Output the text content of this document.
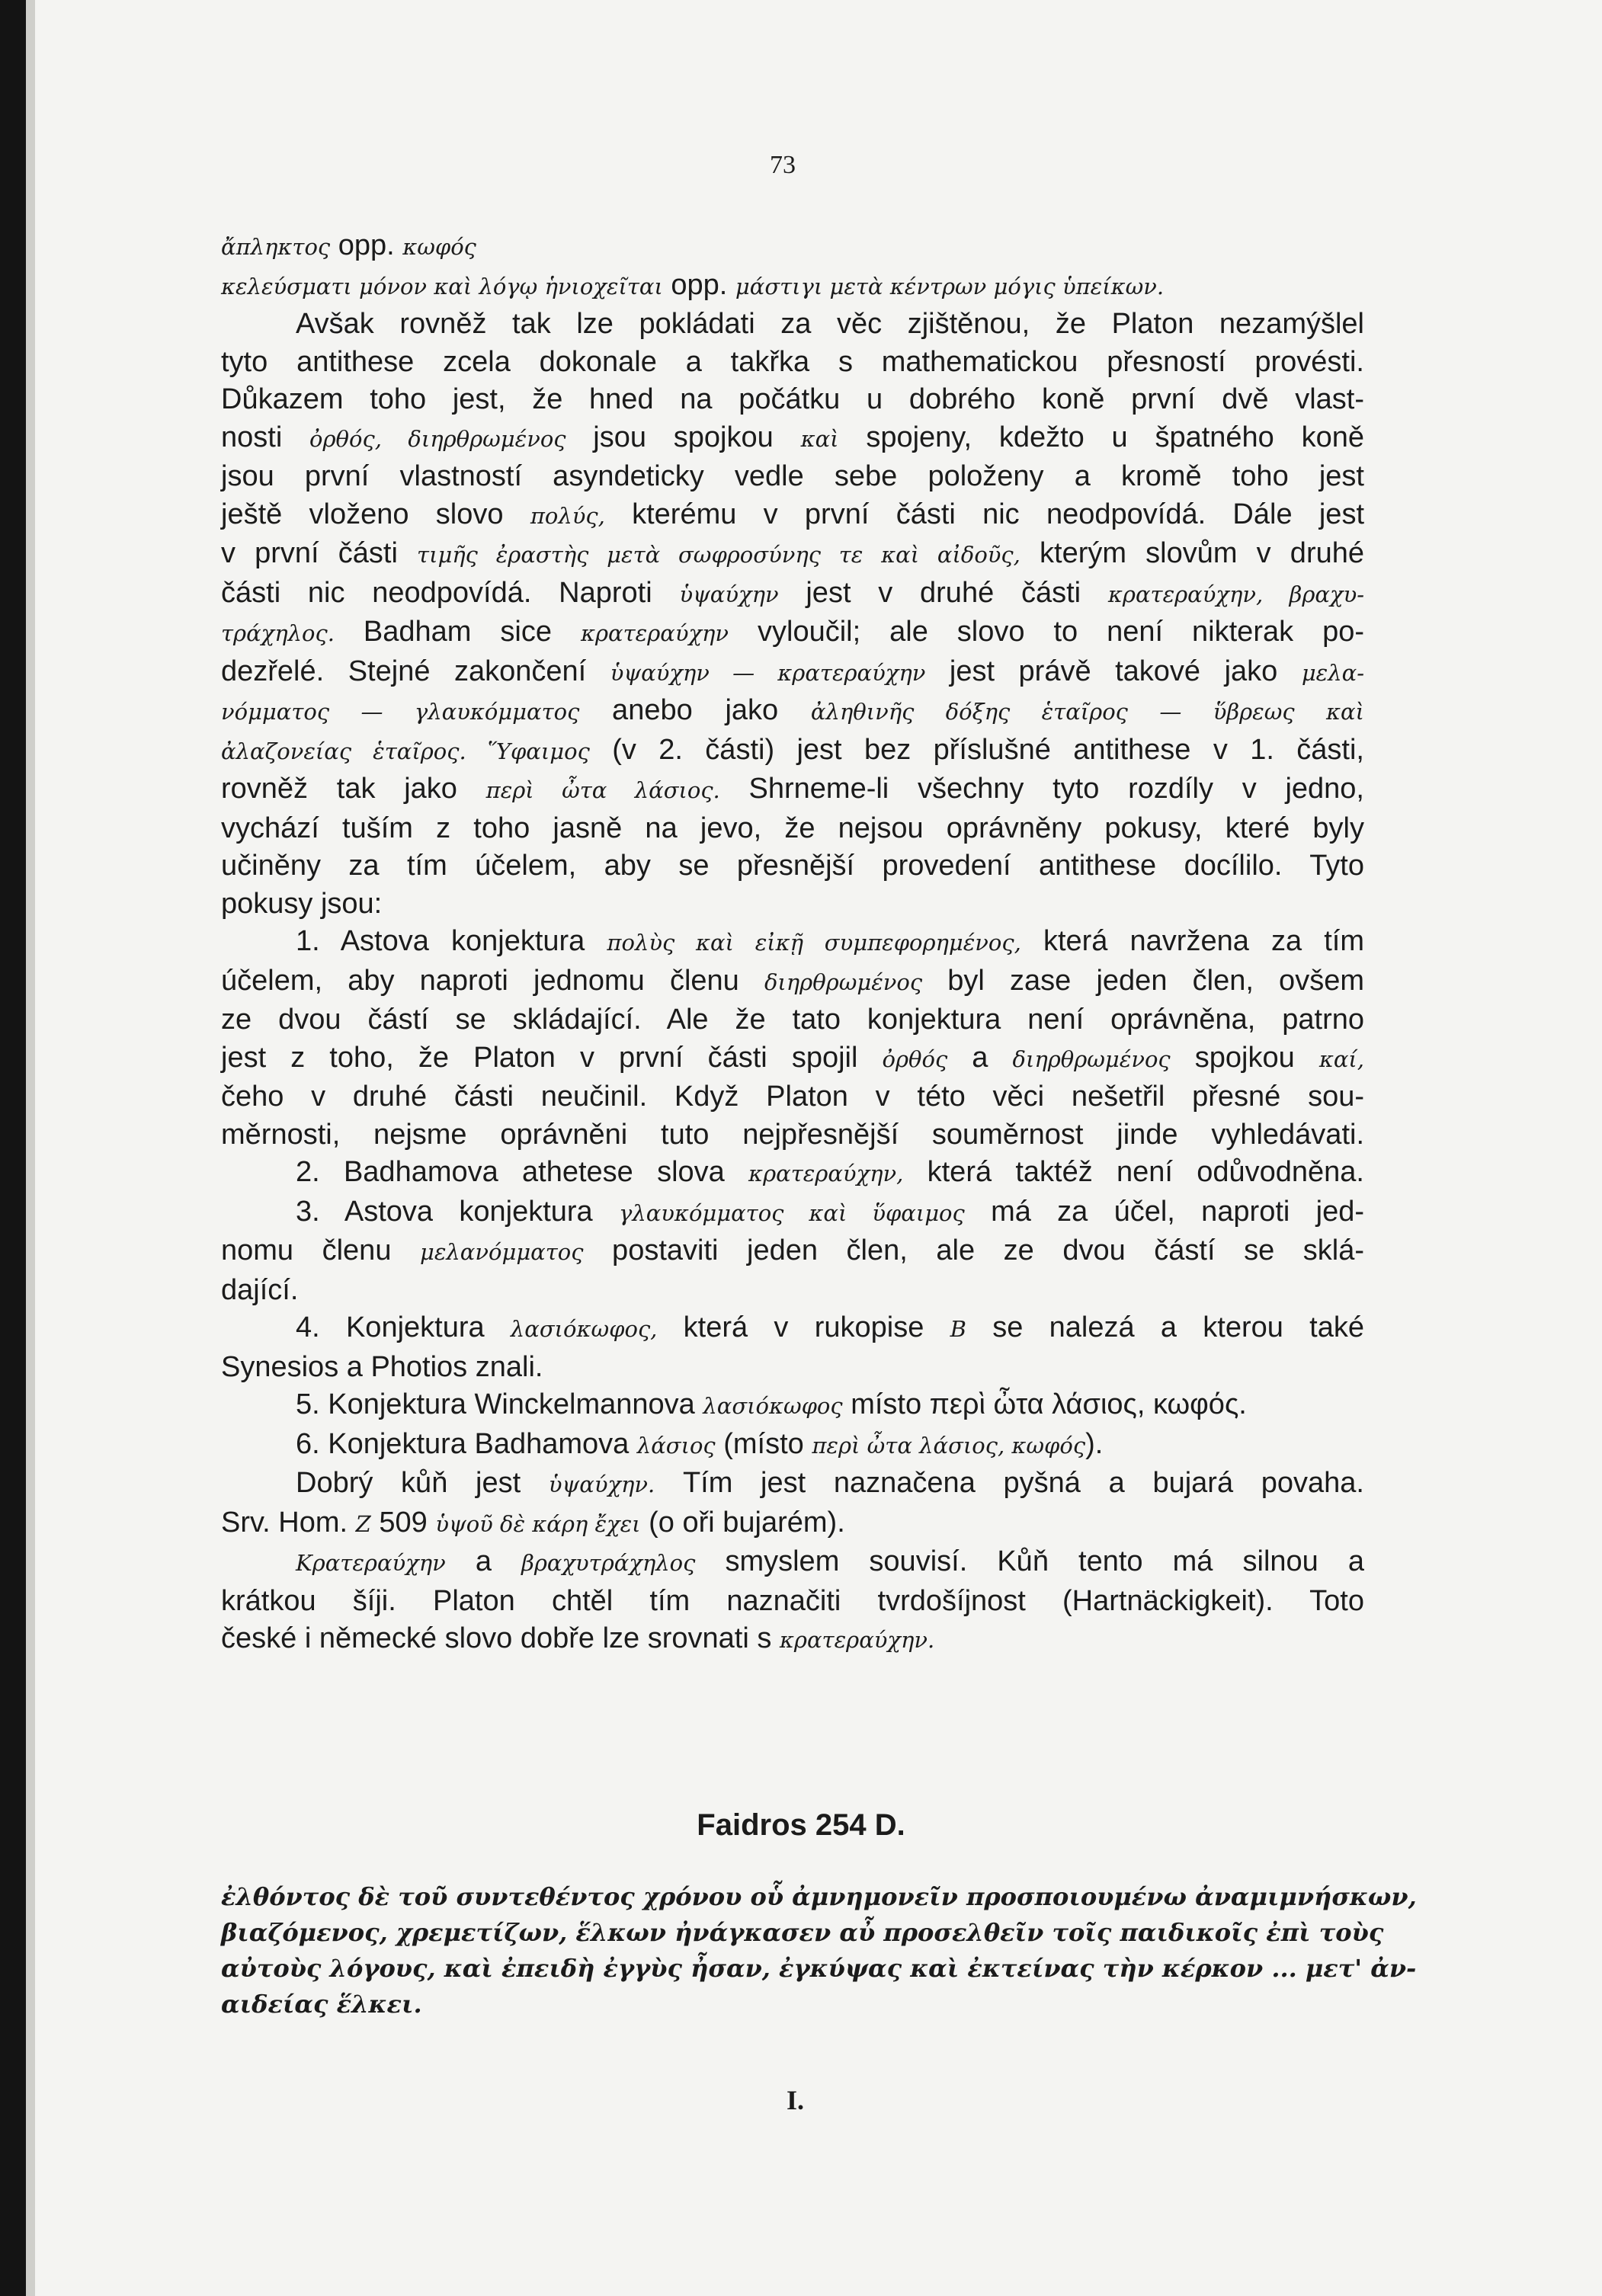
73

ἄπληκτος opp. κωφός

κελεύσματι μόνον καὶ λόγῳ ἡνιοχεῖται opp. μάστιγι μετὰ κέντρων μόγις ὑπείκων.

Avšak rovněž tak lze pokládati za věc zjištěnou, že Platon nezamýšlel

tyto antithese zcela dokonale a takřka s mathematickou přesností provésti.

Důkazem toho jest, že hned na počátku u dobrého koně první dvě vlast-

nosti ὀρθός, διηρθρωμένος jsou spojkou καὶ spojeny, kdežto u špatného koně

jsou první vlastností asyndeticky vedle sebe položeny a kromě toho jest

ještě vloženo slovo πολύς, kterému v první části nic neodpovídá. Dále jest

v první části τιμῆς ἐραστὴς μετὰ σωφροσύνης τε καὶ αἰδοῦς, kterým slovům v druhé

části nic neodpovídá. Naproti ὑψαύχην jest v druhé části κρατεραύχην, βραχυ-

τράχηλος. Badham sice κρατεραύχην vyloučil; ale slovo to není nikterak po-

dezřelé. Stejné zakončení ὑψαύχην — κρατεραύχην jest právě takové jako μελα-

νόμματος — γλαυκόμματος anebo jako ἀληθινῆς δόξης ἑταῖρος — ὕβρεως καὶ

ἀλαζονείας ἑταῖρος. Ὕφαιμος (v 2. části) jest bez příslušné antithese v 1. části,

rovněž tak jako περὶ ὦτα λάσιος. Shrneme-li všechny tyto rozdíly v jedno,

vychází tuším z toho jasně na jevo, že nejsou oprávněny pokusy, které byly

učiněny za tím účelem, aby se přesnější provedení antithese docílilo. Tyto

pokusy jsou:

1. Astova konjektura πολὺς καὶ εἰκῇ συμπεφορημένος, která navržena za tím

účelem, aby naproti jednomu členu διηρθρωμένος byl zase jeden člen, ovšem

ze dvou částí se skládající. Ale že tato konjektura není oprávněna, patrno

jest z toho, že Platon v první části spojil ὀρθός a διηρθρωμένος spojkou καί,

čeho v druhé části neučinil. Když Platon v této věci nešetřil přesné sou-

měrnosti, nejsme oprávněni tuto nejpřesnější souměrnost jinde vyhledávati.

2. Badhamova athetese slova κρατεραύχην, která taktéž není odůvodněna.

3. Astova konjektura γλαυκόμματος καὶ ὕφαιμος má za účel, naproti jed-

nomu členu μελανόμματος postaviti jeden člen, ale ze dvou částí se sklá-

dající.

4. Konjektura λασιόκωφος, která v rukopise B se nalezá a kterou také

Synesios a Photios znali.

5. Konjektura Winckelmannova λασιόκωφος místo περὶ ὦτα λάσιος, κωφός.

6. Konjektura Badhamova λάσιος (místo περὶ ὦτα λάσιος, κωφός).

Dobrý kůň jest ὑψαύχην. Tím jest naznačena pyšná a bujará povaha.

Srv. Hom. Z 509 ὑψοῦ δὲ κάρη ἔχει (o oři bujarém).

Κρατεραύχην a βραχυτράχηλος smyslem souvisí. Kůň tento má silnou a

krátkou šíji. Platon chtěl tím naznačiti tvrdošíjnost (Hartnäckigkeit). Toto

české i německé slovo dobře lze srovnati s κρατεραύχην.

Faidros 254 D.

ἐλθόντος δὲ τοῦ συντεθέντος χρόνου οὗ ἀμνημονεῖν προσποιουμένω ἀναμιμνήσκων,

βιαζόμενος, χρεμετίζων, ἕλκων ἠνάγκασεν αὖ προσελθεῖν τοῖς παιδικοῖς ἐπὶ τοὺς

αὐτοὺς λόγους, καὶ ἐπειδὴ ἐγγὺς ἦσαν, ἐγκύψας καὶ ἐκτείνας τὴν κέρκον ... μετ' ἀν-

αιδείας ἕλκει.

I.
